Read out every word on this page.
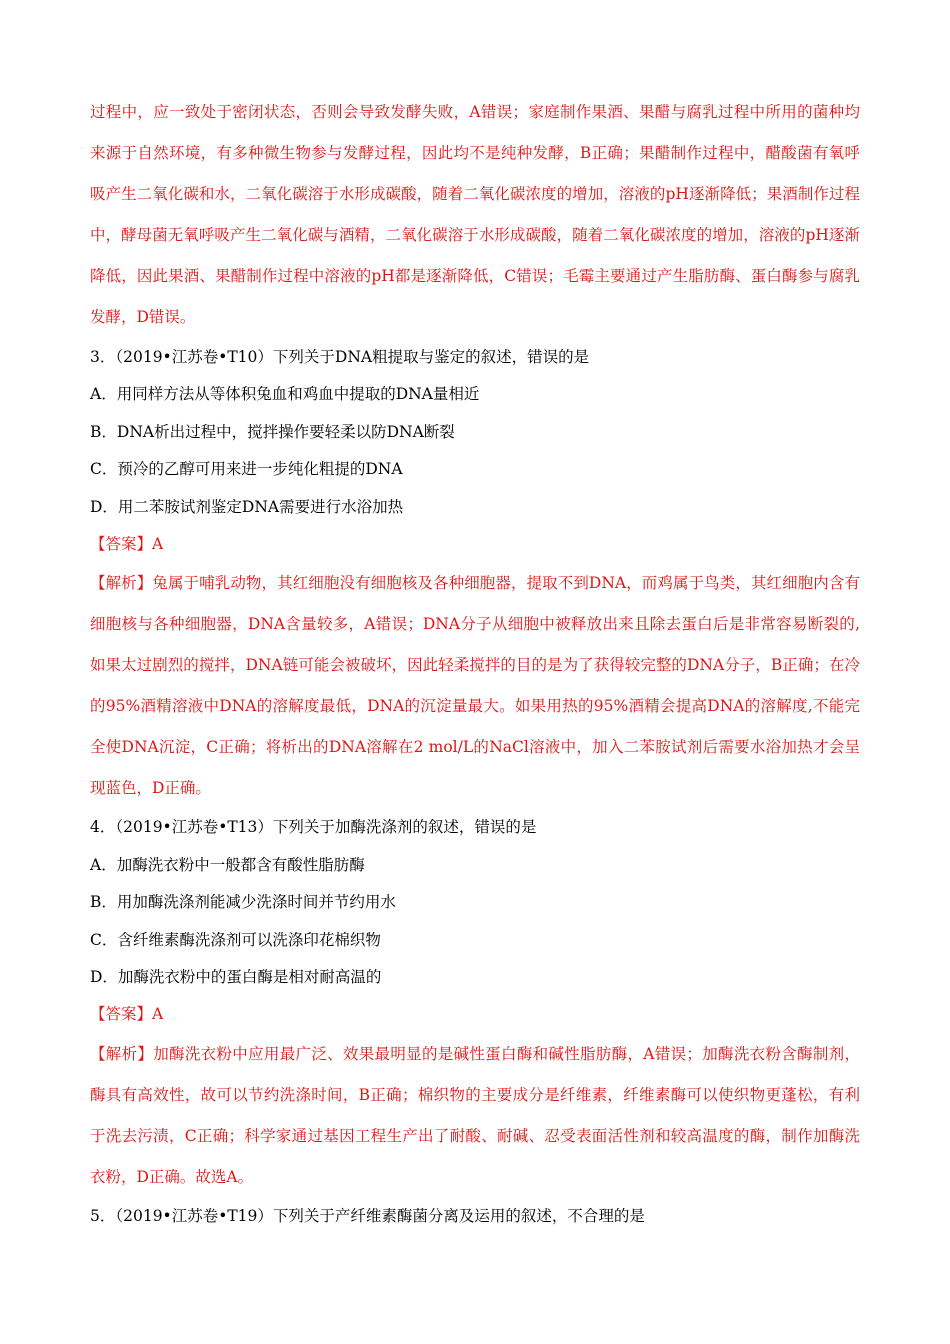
过程中，应一致处于密闭状态，否则会导致发酵失败，A错误；家庭制作果酒、果醋与腐乳过程中所用的菌种均来源于自然环境，有多种微生物参与发酵过程，因此均不是纯种发酵，B正确；果醋制作过程中，醋酸菌有氧呼吸产生二氧化碳和水，二氧化碳溶于水形成碳酸，随着二氧化碳浓度的增加，溶液的pH逐渐降低；果酒制作过程中，酵母菌无氧呼吸产生二氧化碳与酒精，二氧化碳溶于水形成碳酸，随着二氧化碳浓度的增加，溶液的pH逐渐降低，因此果酒、果醋制作过程中溶液的pH都是逐渐降低，C错误；毛霉主要通过产生脂肪酶、蛋白酶参与腐乳发酵，D错误。

3．（2019•江苏卷•T10）下列关于DNA粗提取与鉴定的叙述，错误的是

A．用同样方法从等体积兔血和鸡血中提取的DNA量相近

B．DNA析出过程中，搅拌操作要轻柔以防DNA断裂

C．预冷的乙醇可用来进一步纯化粗提的DNA

D．用二苯胺试剂鉴定DNA需要进行水浴加热

【答案】A

【解析】兔属于哺乳动物，其红细胞没有细胞核及各种细胞器，提取不到DNA，而鸡属于鸟类，其红细胞内含有细胞核与各种细胞器，DNA含量较多，A错误；DNA分子从细胞中被释放出来且除去蛋白后是非常容易断裂的,如果太过剧烈的搅拌，DNA链可能会被破坏，因此轻柔搅拌的目的是为了获得较完整的DNA分子，B正确；在冷的95%酒精溶液中DNA的溶解度最低，DNA的沉淀量最大。如果用热的95%酒精会提高DNA的溶解度,不能完全使DNA沉淀，C正确；将析出的DNA溶解在2 mol/L的NaCl溶液中，加入二苯胺试剂后需要水浴加热才会呈现蓝色，D正确。

4．（2019•江苏卷•T13）下列关于加酶洗涤剂的叙述，错误的是

A．加酶洗衣粉中一般都含有酸性脂肪酶

B．用加酶洗涤剂能减少洗涤时间并节约用水

C．含纤维素酶洗涤剂可以洗涤印花棉织物

D．加酶洗衣粉中的蛋白酶是相对耐高温的

【答案】A

【解析】加酶洗衣粉中应用最广泛、效果最明显的是碱性蛋白酶和碱性脂肪酶，A错误；加酶洗衣粉含酶制剂，酶具有高效性，故可以节约洗涤时间，B正确；棉织物的主要成分是纤维素，纤维素酶可以使织物更蓬松，有利于洗去污渍，C正确；科学家通过基因工程生产出了耐酸、耐碱、忍受表面活性剂和较高温度的酶，制作加酶洗衣粉，D正确。故选A。

5．（2019•江苏卷•T19）下列关于产纤维素酶菌分离及运用的叙述，不合理的是
